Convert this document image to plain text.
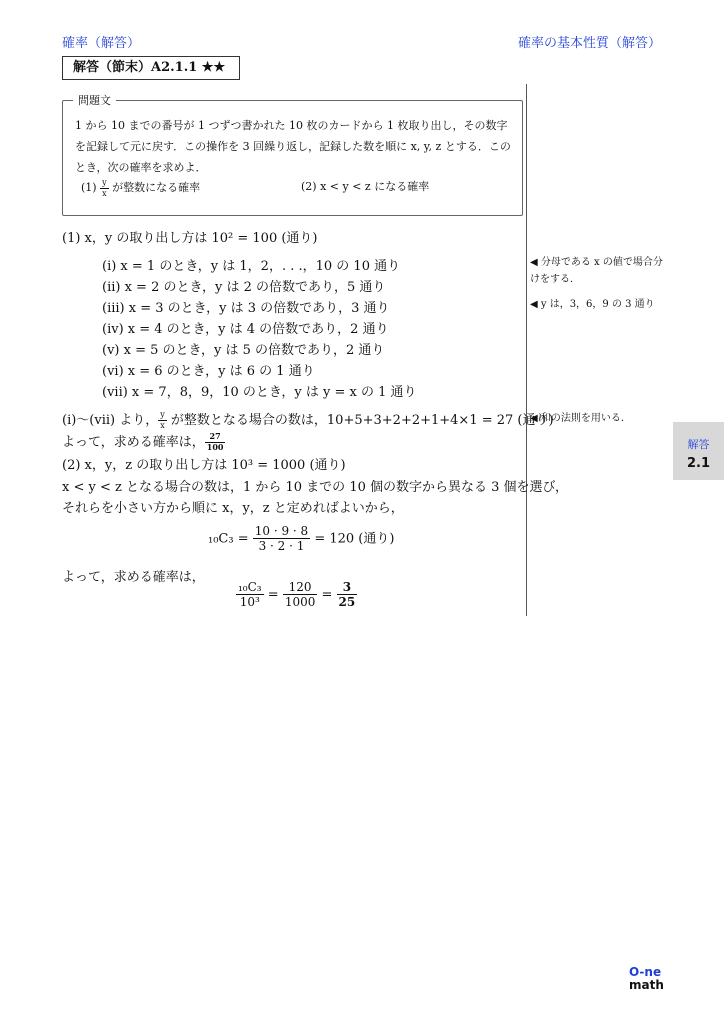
確率（解答）	確率の基本性質（解答）
解答（節末）A2.1.1 ★★
問題文
1 から 10 までの番号が 1 つずつ書かれた 10 枚のカードから 1 枚取り出し，その数字を記録して元に戻す．この操作を 3 回繰り返し，記録した数を順に x, y, z とする．このとき，次の確率を求めよ．
$(1) \frac{y}{x}$ が整数になる確率	(2) x < y < z になる確率
(1) x，y の取り出し方は 10² = 100 (通り)
(i) x = 1 のとき，y は 1，2，. . .，10 の 10 通り
(ii) x = 2 のとき，y は 2 の倍数であり，5 通り
(iii) x = 3 のとき，y は 3 の倍数であり，3 通り
(iv) x = 4 のとき，y は 4 の倍数であり，2 通り
(v) x = 5 のとき，y は 5 の倍数であり，2 通り
(vi) x = 6 のとき，y は 6 の 1 通り
(vii) x = 7，8，9，10 のとき，y は y = x の 1 通り
◀ 分母である x の値で場合分けをする．
◀ y は，3，6，9 の 3 通り
◀ 和の法則を用いる．
(i)〜(vii) より， $\frac{y}{x}$ が整数となる場合の数は，10+5+3+2+2+1+4×1 = 27 (通り)
よって，求める確率は， $\frac{27}{100}$
(2) x，y，z の取り出し方は 10³ = 1000 (通り)
x < y < z となる場合の数は，1 から 10 までの 10 個の数字から異なる 3 個を選び，
それらを小さい方から順に x，y，z と定めればよいから，
$_{10}C_3 = \frac{10 \cdot 9 \cdot 8}{3 \cdot 2 \cdot 1} = 120$ (通り)
よって，求める確率は，
$\frac{\text{₁₀C₃}}{\text{10³}} = \frac{120}{1000} = \frac{3}{25}$
解答
2.1
O-ne
math
